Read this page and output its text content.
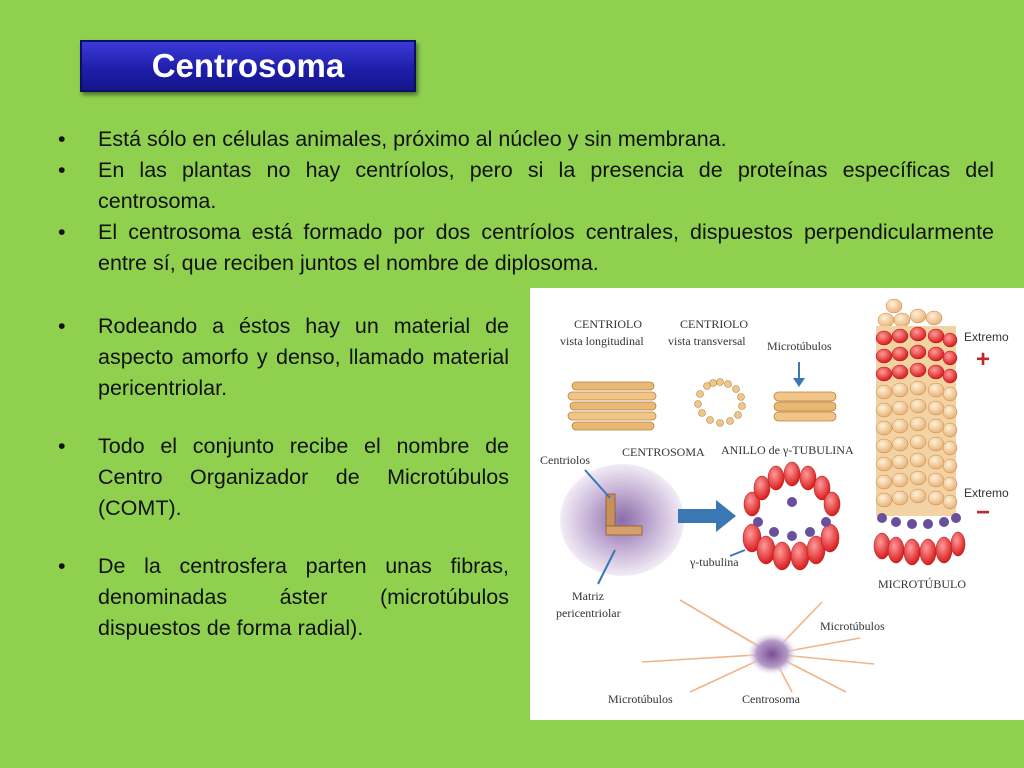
Centrosoma
• Está sólo en células animales, próximo al núcleo y sin membrana.
• En las plantas no hay centríolos, pero si la presencia de proteínas específicas del centrosoma.
• El centrosoma está formado por dos centríolos centrales, dispuestos perpendicularmente entre sí, que reciben juntos el nombre de diplosoma.
• Rodeando a éstos hay un material de aspecto amorfo y denso, llamado material pericentriolar.
• Todo el conjunto recibe el nombre de Centro Organizador de Microtúbulos (COMT).
• De la centrosfera parten unas fibras, denominadas áster (microtúbulos dispuestos de forma radial).
CENTRIOLO
vista longitudinal
CENTRIOLO
vista transversal Microtúbulos
Extremo
+
Centriolos
CENTROSOMA ANILLO de γ-TUBULINA
Extremo
−
γ-tubulina
Matriz
pericentriolar
MICROTÚBULO
Microtúbulos
Microtúbulos	Centrosoma
